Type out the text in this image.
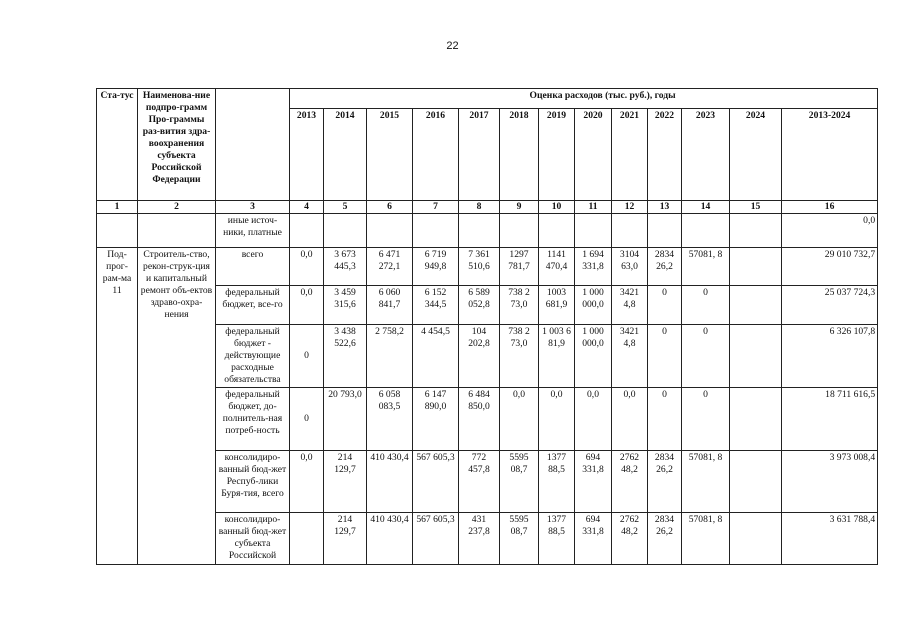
22
Ста-тус	Наименова-ние подпро-грамм Про-граммы раз-вития здра-воохранения субъекта Российской Федерации		Оценка расходов (тыс. руб.), годы												
			2013	2014	2015	2016	2017	2018	2019	2020	2021	2022	2023	2024	2013-2024
1	2	3	4	5	6	7	8	9	10	11	12	13	14	15	16
		иные источ-ники, платные													0,0
Под-прог-рам-ма 11	Строитель-ство, рекон-струк-ция и капитальный ремонт объ-ектов здраво-охра-нения	всего	0,0	3 673 445,3	6 471 272,1	6 719 949,8	7 361 510,6	1297 781,7	1141 470,4	1 694 331,8	3104 63,0	2834 26,2	57081, 8		29 010 732,7
		федеральный бюджет, все-го	0,0	3 459 315,6	6 060 841,7	6 152 344,5	6 589 052,8	738 2 73,0	1003 681,9	1 000 000,0	3421 4,8	0	0		25 037 724,3
		федеральный бюджет - действующие расходные обязательства	0	3 438 522,6	2 758,2	4 454,5	104 202,8	738 2 73,0	1 003 6 81,9	1 000 000,0	3421 4,8	0	0		6 326 107,8
		федеральный бюджет, до-полнитель-ная потреб-ность	0	20 793,0	6 058 083,5	6 147 890,0	6 484 850,0	0,0	0,0	0,0	0,0	0	0		18 711 616,5
		консолидиро-ванный бюд-жет Респуб-лики Буря-тия, всего	0,0	214 129,7	410 430,4	567 605,3	772 457,8	5595 08,7	1377 88,5	694 331,8	2762 48,2	2834 26,2	57081, 8		3 973 008,4
		консолидиро-ванный бюд-жет субъекта Российской		214 129,7	410 430,4	567 605,3	431 237,8	5595 08,7	1377 88,5	694 331,8	2762 48,2	2834 26,2	57081, 8		3 631 788,4
